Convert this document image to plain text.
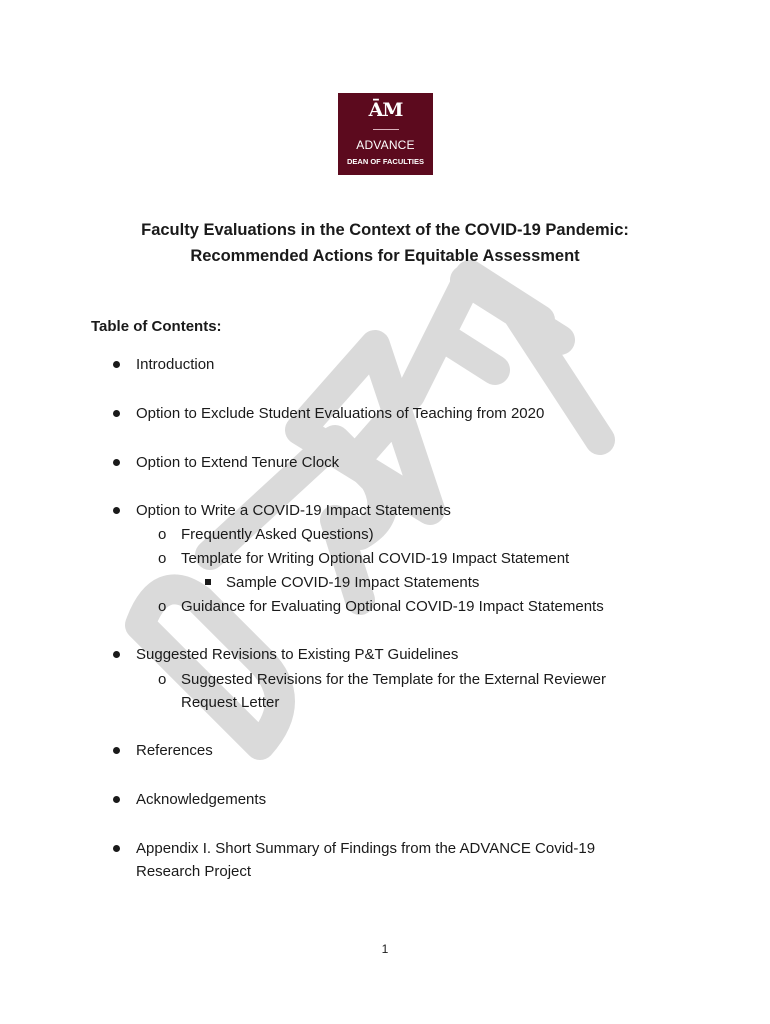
ĀM
ADVANCE
DEAN OF FACULTIES
Faculty Evaluations in the Context of the COVID-19 Pandemic:
Recommended Actions for Equitable Assessment
Table of Contents:
Introduction
Option to Exclude Student Evaluations of Teaching from 2020
Option to Extend Tenure Clock
Option to Write a COVID-19 Impact Statements
o Frequently Asked Questions)
o Template for Writing Optional COVID-19 Impact Statement
Sample COVID-19 Impact Statements
o Guidance for Evaluating Optional COVID-19 Impact Statements
Suggested Revisions to Existing P&T Guidelines
o Suggested Revisions for the Template for the External Reviewer
Request Letter
References
Acknowledgements
Appendix I. Short Summary of Findings from the ADVANCE Covid-19
Research Project
1
